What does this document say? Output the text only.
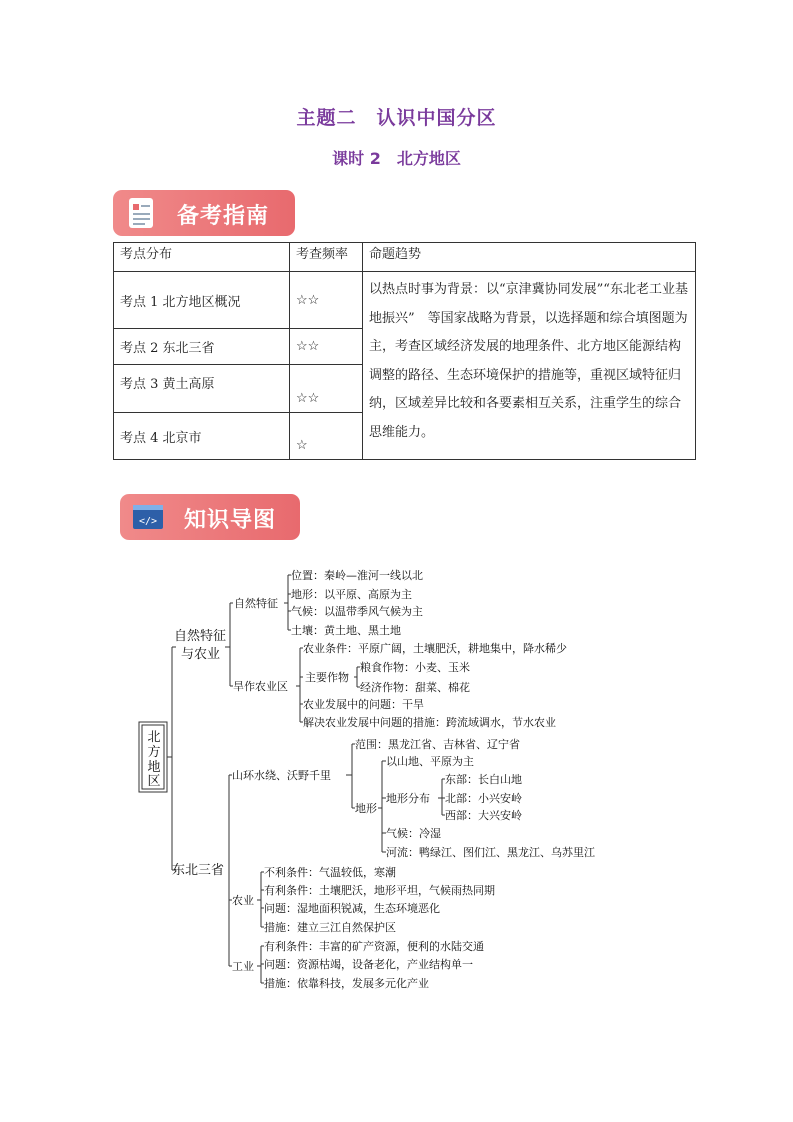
主题二　认识中国分区
课时 2　北方地区
备考指南
考点分布	考查频率	命题趋势
考点 1 北方地区概况	☆☆	以热点时事为背景：以“京津冀协同发展”“东北老工业基地振兴”　等国家战略为背景，以选择题和综合填图题为主，考查区域经济发展的地理条件、北方地区能源结构调整的路径、生态环境保护的措施等，重视区域特征归纳，区域差异比较和各要素相互关系，注重学生的综合思维能力。
考点 2 东北三省	☆☆	
考点 3 黄土高原	☆☆	
考点 4 北京市	☆	
</> 知识导图
北
方
地
区
自然特征
与农业
自然特征
位置：秦岭—淮河一线以北
地形：以平原、高原为主
气候：以温带季风气候为主
土壤：黄土地、黑土地
旱作农业区
农业条件：平原广阔，土壤肥沃，耕地集中，降水稀少
主要作物
粮食作物：小麦、玉米
经济作物：甜菜、棉花
农业发展中的问题：干旱
解决农业发展中问题的措施：跨流域调水，节水农业
东北三省
山环水绕、沃野千里
范围：黑龙江省、吉林省、辽宁省
地形
以山地、平原为主
地形分布
东部：长白山地
北部：小兴安岭
西部：大兴安岭
气候：冷湿
河流：鸭绿江、图们江、黑龙江、乌苏里江
农业
不利条件：气温较低，寒潮
有利条件：土壤肥沃，地形平坦，气候雨热同期
问题：湿地面积锐减，生态环境恶化
措施：建立三江自然保护区
工业
有利条件：丰富的矿产资源，便利的水陆交通
问题：资源枯竭，设备老化，产业结构单一
措施：依靠科技，发展多元化产业
